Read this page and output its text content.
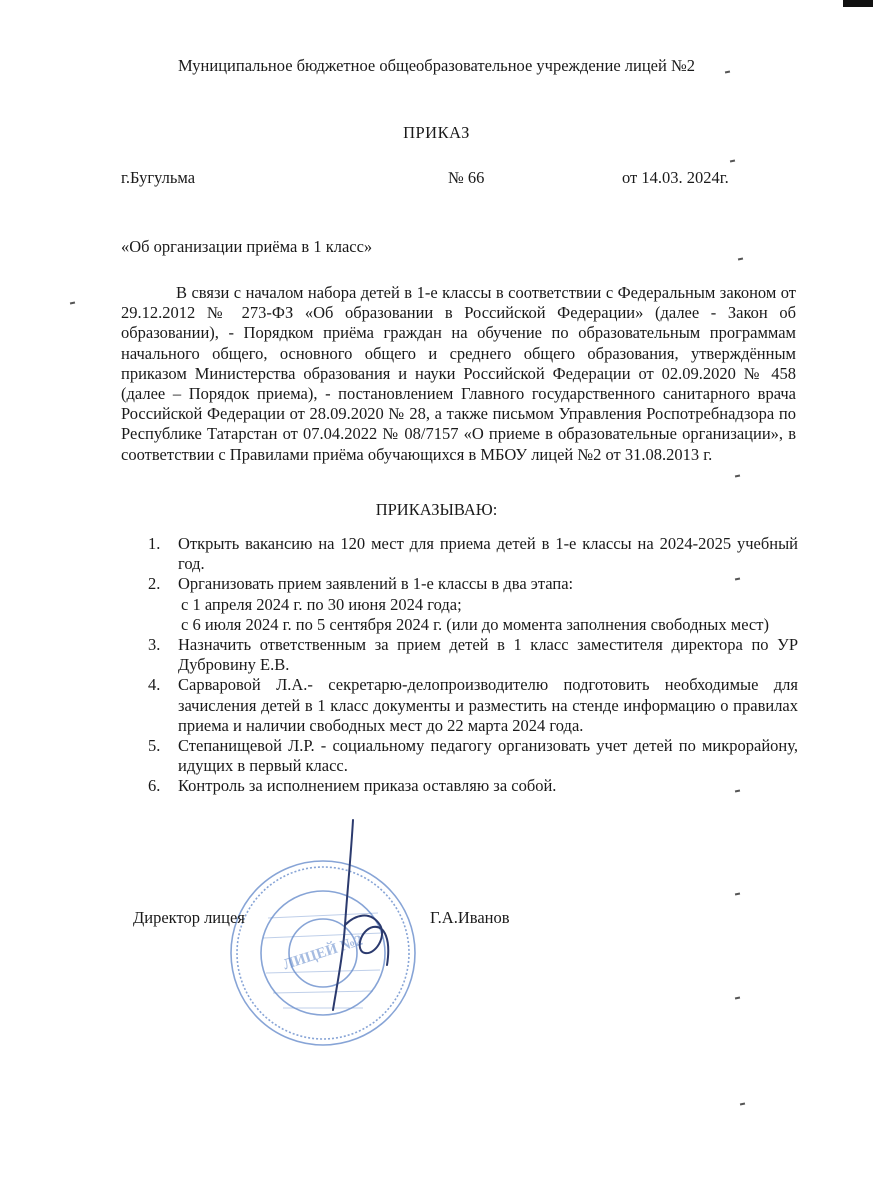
Муниципальное бюджетное общеобразовательное учреждение лицей №2
ПРИКАЗ
г.Бугульма	№ 66	от 14.03. 2024г.
«Об организации приёма в 1 класс»

В связи с началом набора детей в 1-е классы в соответствии с Федеральным законом от 29.12.2012 № 273-ФЗ «Об образовании в Российской Федерации» (далее - Закон об образовании), - Порядком приёма граждан на обучение по образовательным программам начального общего, основного общего и среднего общего образования, утверждённым приказом Министерства образования и науки Российской Федерации от 02.09.2020 № 458 (далее – Порядок приема), - постановлением Главного государственного санитарного врача Российской Федерации от 28.09.2020 № 28, а также письмом Управления Роспотребнадзора по Республике Татарстан от 07.04.2022 № 08/7157 «О приеме в образовательные организации», в соответствии с Правилами приёма обучающихся в МБОУ лицей №2 от 31.08.2013 г.

ПРИКАЗЫВАЮ:
1. Открыть вакансию на 120 мест для приема детей в 1-е классы на 2024-2025 учебный год.
2. Организовать прием заявлений в 1-е классы в два этапа:
с 1 апреля 2024 г. по 30 июня 2024 года;
с 6 июля 2024 г. по 5 сентября 2024 г. (или до момента заполнения свободных мест)
3. Назначить ответственным за прием детей в 1 класс заместителя директора по УР Дубровину Е.В.
4. Сарваровой Л.А.- секретарю-делопроизводителю подготовить необходимые для зачисления детей в 1 класс документы и разместить на стенде информацию о правилах приема и наличии свободных мест до 22 марта 2024 года.
5. Степанищевой Л.Р. - социальному педагогу организовать учет детей по микрорайону, идущих в первый класс.
6. Контроль за исполнением приказа оставляю за собой.
ЛИЦЕЙ №2
Директор лицея	Г.А.Иванов
